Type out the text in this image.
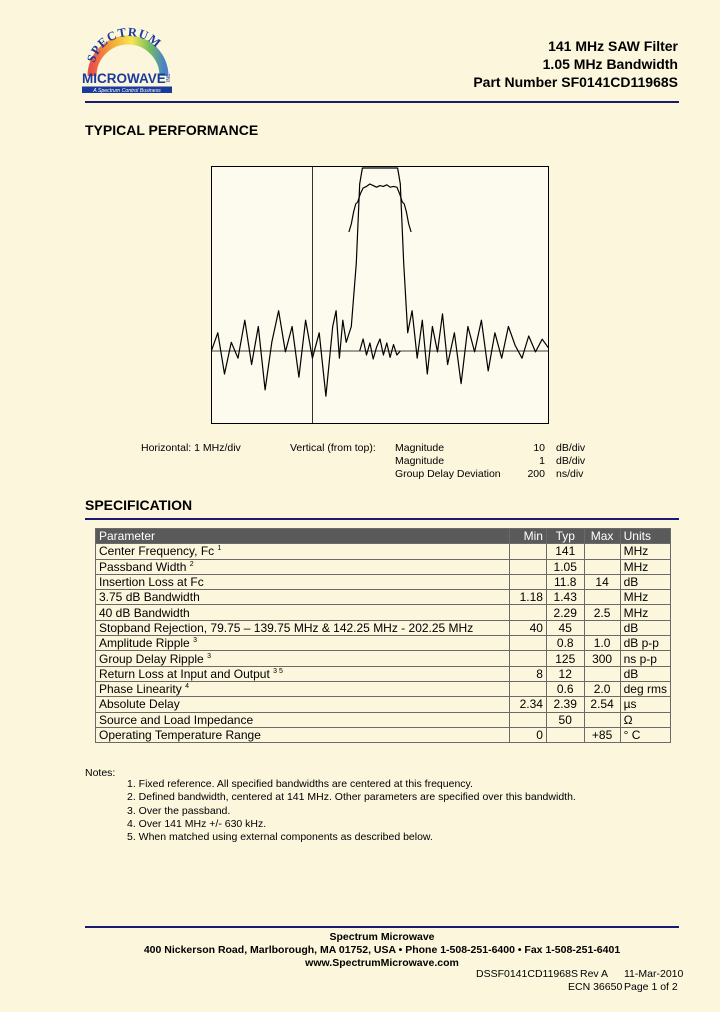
SPECTRUM
MICROWAVE INC
A Spectrum Control Business
141 MHz SAW Filter
1.05 MHz Bandwidth
Part Number SF0141CD11968S
TYPICAL PERFORMANCE
Horizontal: 1 MHz/div	Vertical (from top): Magnitude	10 dB/div
Magnitude	1 dB/div
Group Delay Deviation	200 ns/div
SPECIFICATION
Parameter	Min	Typ	Max	Units
Center Frequency, Fc $^1$		141		MHz
Passband Width $^2$		1.05		MHz
Insertion Loss at Fc		11.8	14	dB
3.75 dB Bandwidth	1.18	1.43		MHz
40 dB Bandwidth		2.29	2.5	MHz
Stopband Rejection, 79.75 – 139.75 MHz & 142.25 MHz - 202.25 MHz	40	45		dB
Amplitude Ripple $^3$		0.8	1.0	dB p-p
Group Delay Ripple $^3$		125	300	ns p-p
Return Loss at Input and Output $^{3 5}$	8	12		dB
Phase Linearity $^4$		0.6	2.0	deg rms
Absolute Delay	2.34	2.39	2.54	µs
Source and Load Impedance		50		Ω
Operating Temperature Range	0		+85	° C
Notes:
1. Fixed reference. All specified bandwidths are centered at this frequency.
2. Defined bandwidth, centered at 141 MHz. Other parameters are specified over this bandwidth.
3. Over the passband.
4. Over 141 MHz +/- 630 kHz.
5. When matched using external components as described below.
Spectrum Microwave
400 Nickerson Road, Marlborough, MA 01752, USA • Phone 1-508-251-6400 • Fax 1-508-251-6401
www.SpectrumMicrowave.com
DSSF0141CD11968S Rev A 11-Mar-2010
ECN 36650 Page 1 of 2
